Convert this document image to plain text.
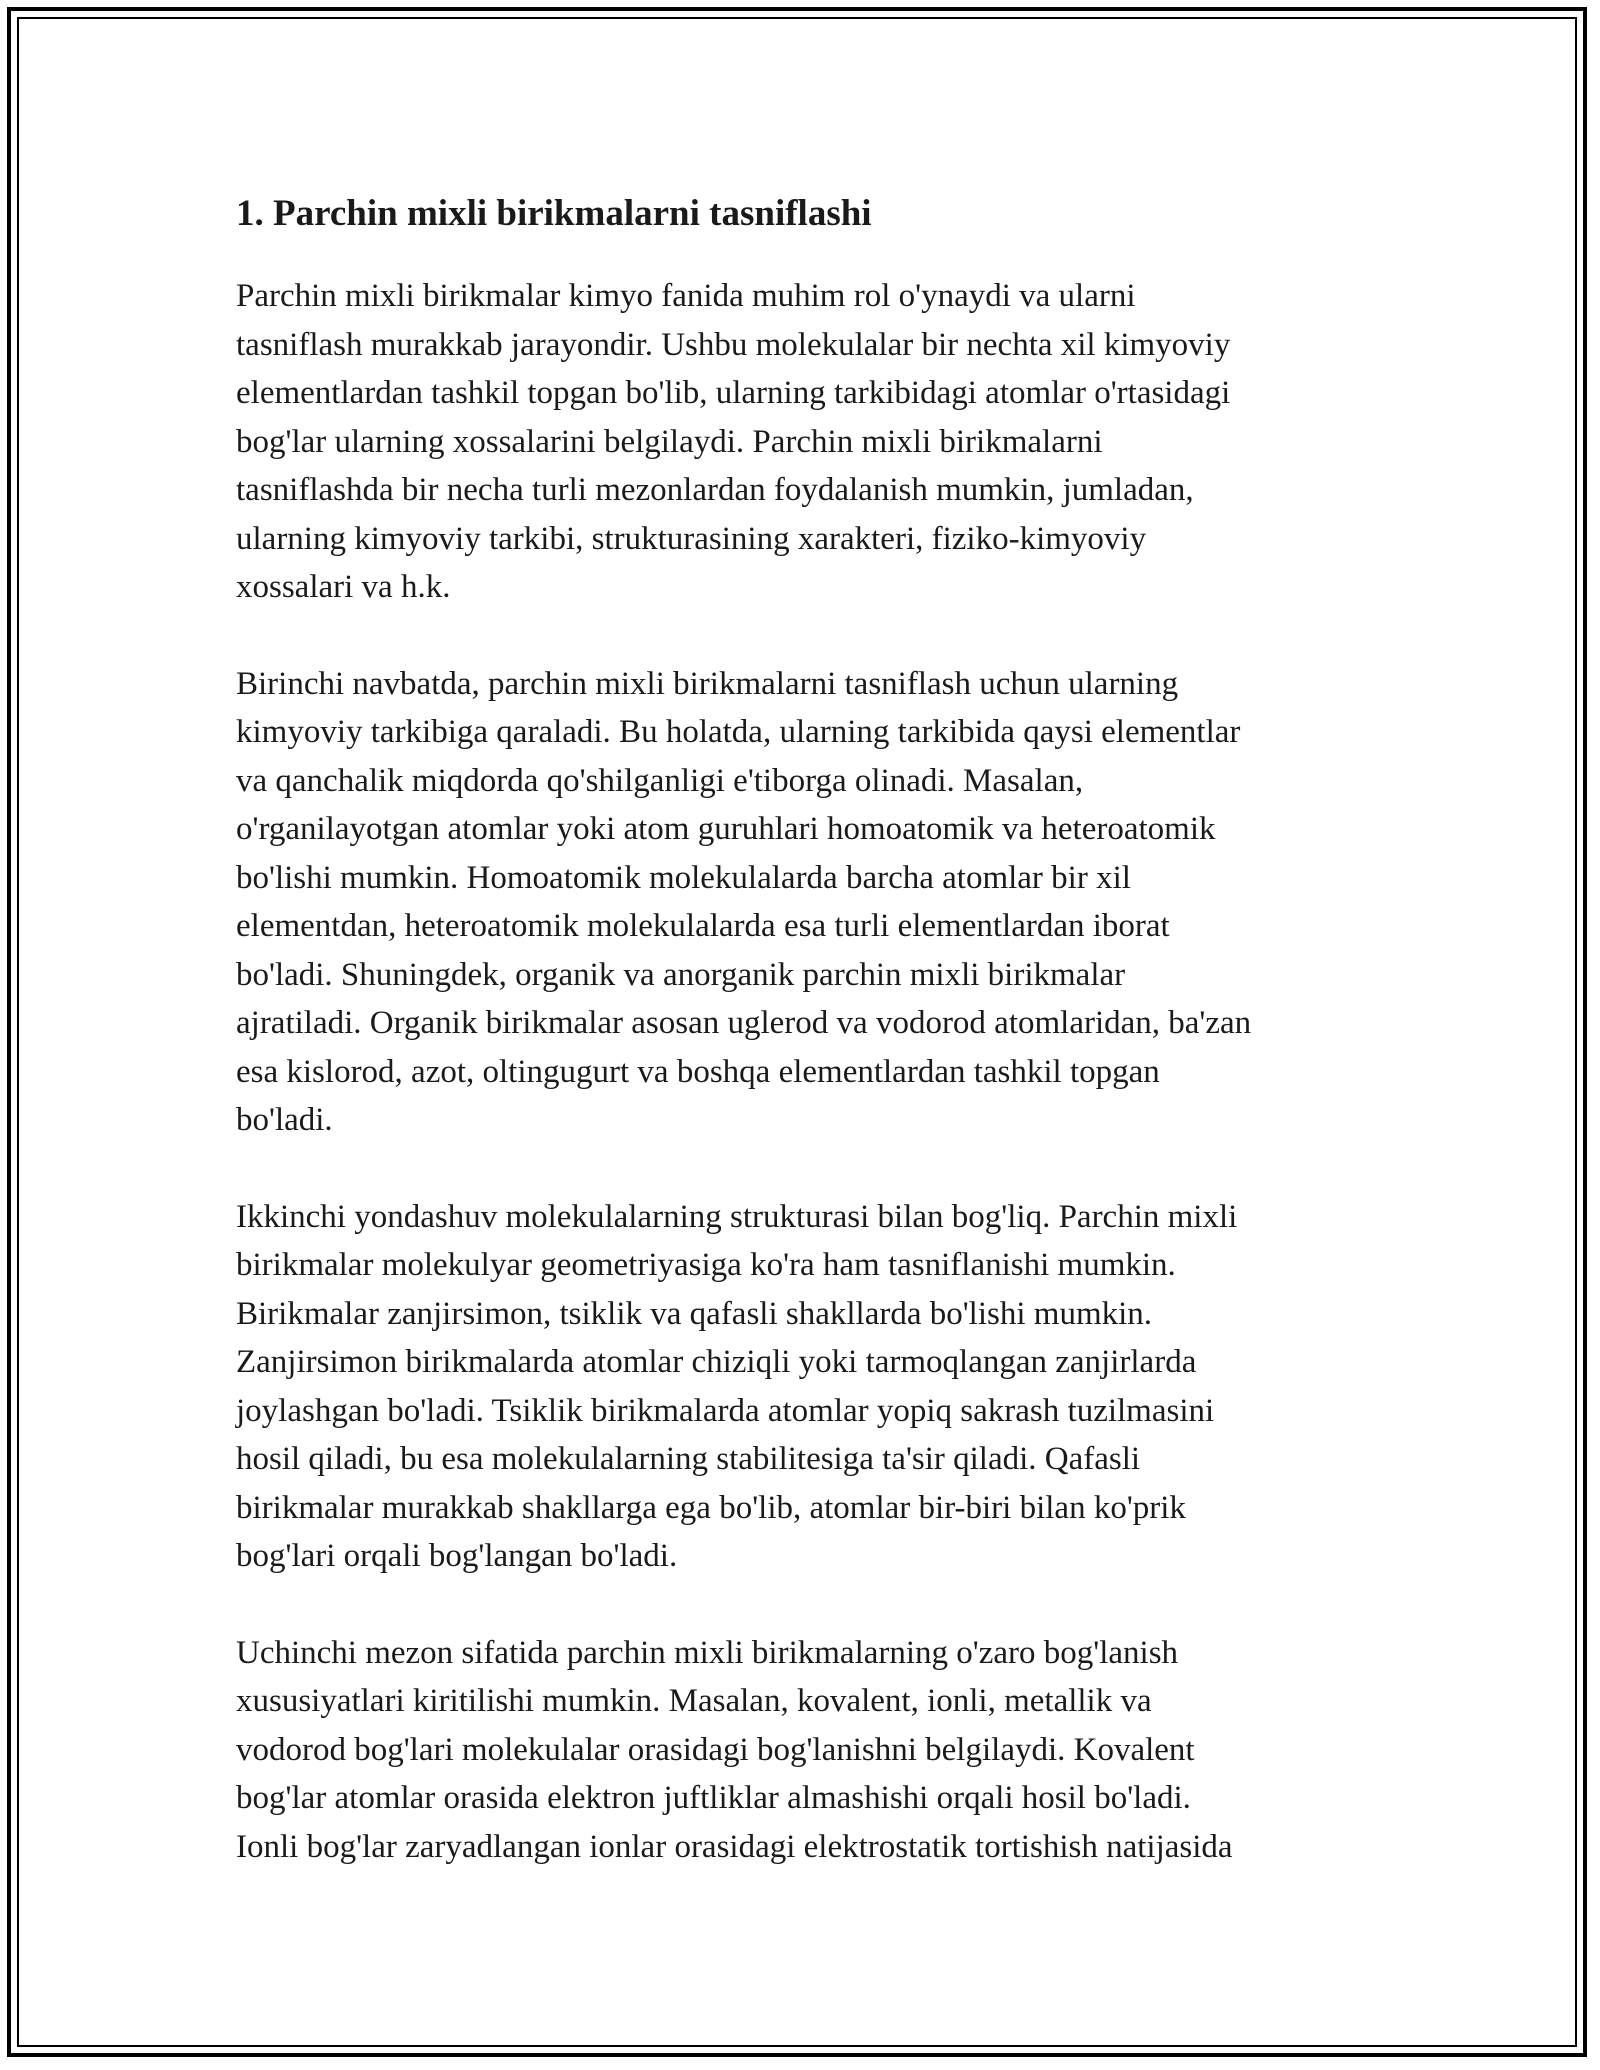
1. Parchin mixli birikmalarni tasniflashi

Parchin mixli birikmalar kimyo fanida muhim rol o'ynaydi va ularni
tasniflash murakkab jarayondir. Ushbu molekulalar bir nechta xil kimyoviy
elementlardan tashkil topgan bo'lib, ularning tarkibidagi atomlar o'rtasidagi
bog'lar ularning xossalarini belgilaydi. Parchin mixli birikmalarni
tasniflashda bir necha turli mezonlardan foydalanish mumkin, jumladan,
ularning kimyoviy tarkibi, strukturasining xarakteri, fiziko-kimyoviy
xossalari va h.k.

Birinchi navbatda, parchin mixli birikmalarni tasniflash uchun ularning
kimyoviy tarkibiga qaraladi. Bu holatda, ularning tarkibida qaysi elementlar
va qanchalik miqdorda qo'shilganligi e'tiborga olinadi. Masalan,
o'rganilayotgan atomlar yoki atom guruhlari homoatomik va heteroatomik
bo'lishi mumkin. Homoatomik molekulalarda barcha atomlar bir xil
elementdan, heteroatomik molekulalarda esa turli elementlardan iborat
bo'ladi. Shuningdek, organik va anorganik parchin mixli birikmalar
ajratiladi. Organik birikmalar asosan uglerod va vodorod atomlaridan, ba'zan
esa kislorod, azot, oltingugurt va boshqa elementlardan tashkil topgan
bo'ladi.

Ikkinchi yondashuv molekulalarning strukturasi bilan bog'liq. Parchin mixli
birikmalar molekulyar geometriyasiga ko'ra ham tasniflanishi mumkin.
Birikmalar zanjirsimon, tsiklik va qafasli shakllarda bo'lishi mumkin.
Zanjirsimon birikmalarda atomlar chiziqli yoki tarmoqlangan zanjirlarda
joylashgan bo'ladi. Tsiklik birikmalarda atomlar yopiq sakrash tuzilmasini
hosil qiladi, bu esa molekulalarning stabilitesiga ta'sir qiladi. Qafasli
birikmalar murakkab shakllarga ega bo'lib, atomlar bir-biri bilan ko'prik
bog'lari orqali bog'langan bo'ladi.

Uchinchi mezon sifatida parchin mixli birikmalarning o'zaro bog'lanish
xususiyatlari kiritilishi mumkin. Masalan, kovalent, ionli, metallik va
vodorod bog'lari molekulalar orasidagi bog'lanishni belgilaydi. Kovalent
bog'lar atomlar orasida elektron juftliklar almashishi orqali hosil bo'ladi.
Ionli bog'lar zaryadlangan ionlar orasidagi elektrostatik tortishish natijasida
